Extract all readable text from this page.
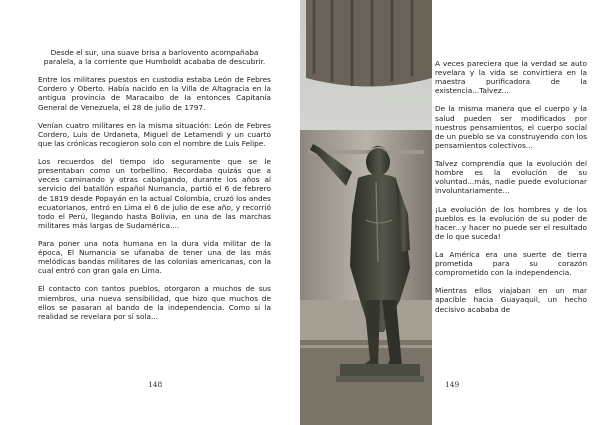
Desde el sur, una suave brisa a barlovento acompañaba paralela, a la corriente que Humboldt acababa de descubrir.

Entre los militares puestos en custodia estaba León de Febres Cordero y Oberto. Había nacido en la Villa de Altagracia en la antigua provincia de Maracaibo de la entonces Capitanía General de Venezuela, el 28 de julio de 1797.

Venían cuatro militares en la misma situación: León de Febres Cordero, Luis de Urdaneta, Miguel de Letamendi y un cuarto que las crónicas recogieron solo con el nombre de Luis Felipe.

Los recuerdos del tiempo ido seguramente que se le presentaban como un torbellino. Recordaba quizás que a veces caminando y otras cabalgando, durante los años al servicio del batallón español Numancia, partió el 6 de febrero de 1819 desde Popayán en la actual Colombia, cruzó los andes ecuatorianos, entró en Lima el 6 de julio de ese año, y recorrió todo el Perú, llegando hasta Bolivia, en una de las marchas militares más largas de Sudamérica....

Para poner una nota humana en la dura vida militar de la época, El Numancia se ufanaba de tener una de las más melódicas bandas militares de las colonias americanas, con la cual entró con gran gala en Lima.

El contacto con tantos pueblos, otorgaron a muchos de sus miembros, una nueva sensibilidad, que hizo que muchos de ellos se pasaran al bando de la independencia. Como si la realidad se revelara por sí sola...

148

A veces pareciera que la verdad se auto revelara y la vida se convirtiera en la maestra purificadora de la existencia...Talvez...

De la misma manera que el cuerpo y la salud pueden ser modificados por nuestros pensamientos, el cuerpo social de un pueblo se va construyendo con los pensamientos colectivos...

Talvez comprendía que la evolución del hombre es la evolución de su voluntad...más, nadie puede evolucionar involuntariamente...

¡La evolución de los hombres y de los pueblos es la evolución de su poder de hacer...y hacer no puede ser el resultado de lo que suceda!

La América era una suerte de tierra prometida para su corazón comprometido con la independencia.

Mientras ellos viajaban en un mar apacible hacia Guayaquil, un hecho decisivo acababa de

149
